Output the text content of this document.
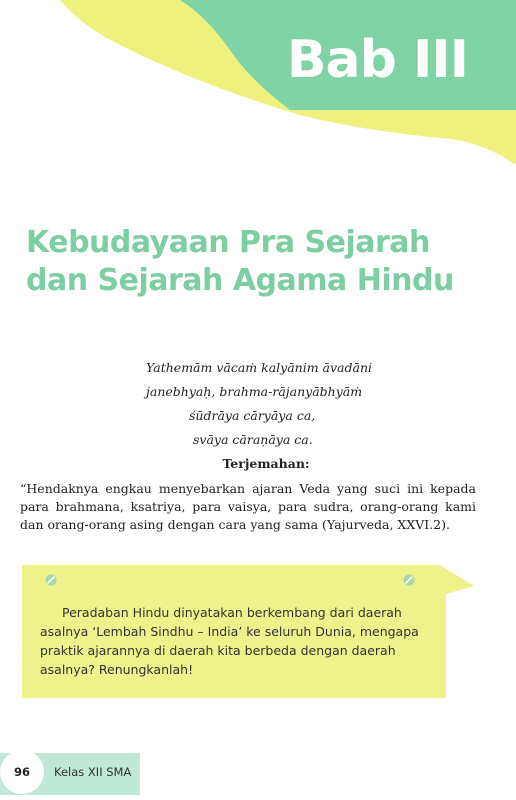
Bab III
Kebudayaan Pra Sejarah
dan Sejarah Agama Hindu
Yathemām vācaṁ kalyānim āvadāni
janebhyaḥ, brahma-rājanyābhyāṁ
śūdrāya cāryāya ca,
svāya cāraṇāya ca.
Terjemahan:
“Hendaknya engkau menyebarkan ajaran Veda yang suci ini kepada para brahmana, ksatriya, para vaisya, para sudra, orang-orang kami dan orang-orang asing dengan cara yang sama (Yajurveda, XXVI.2).
Peradaban Hindu dinyatakan berkembang dari daerah asalnya ‘Lembah Sindhu – India’ ke seluruh Dunia, mengapa praktik ajarannya di daerah kita berbeda dengan daerah asalnya? Renungkanlah!
96	Kelas XII SMA
